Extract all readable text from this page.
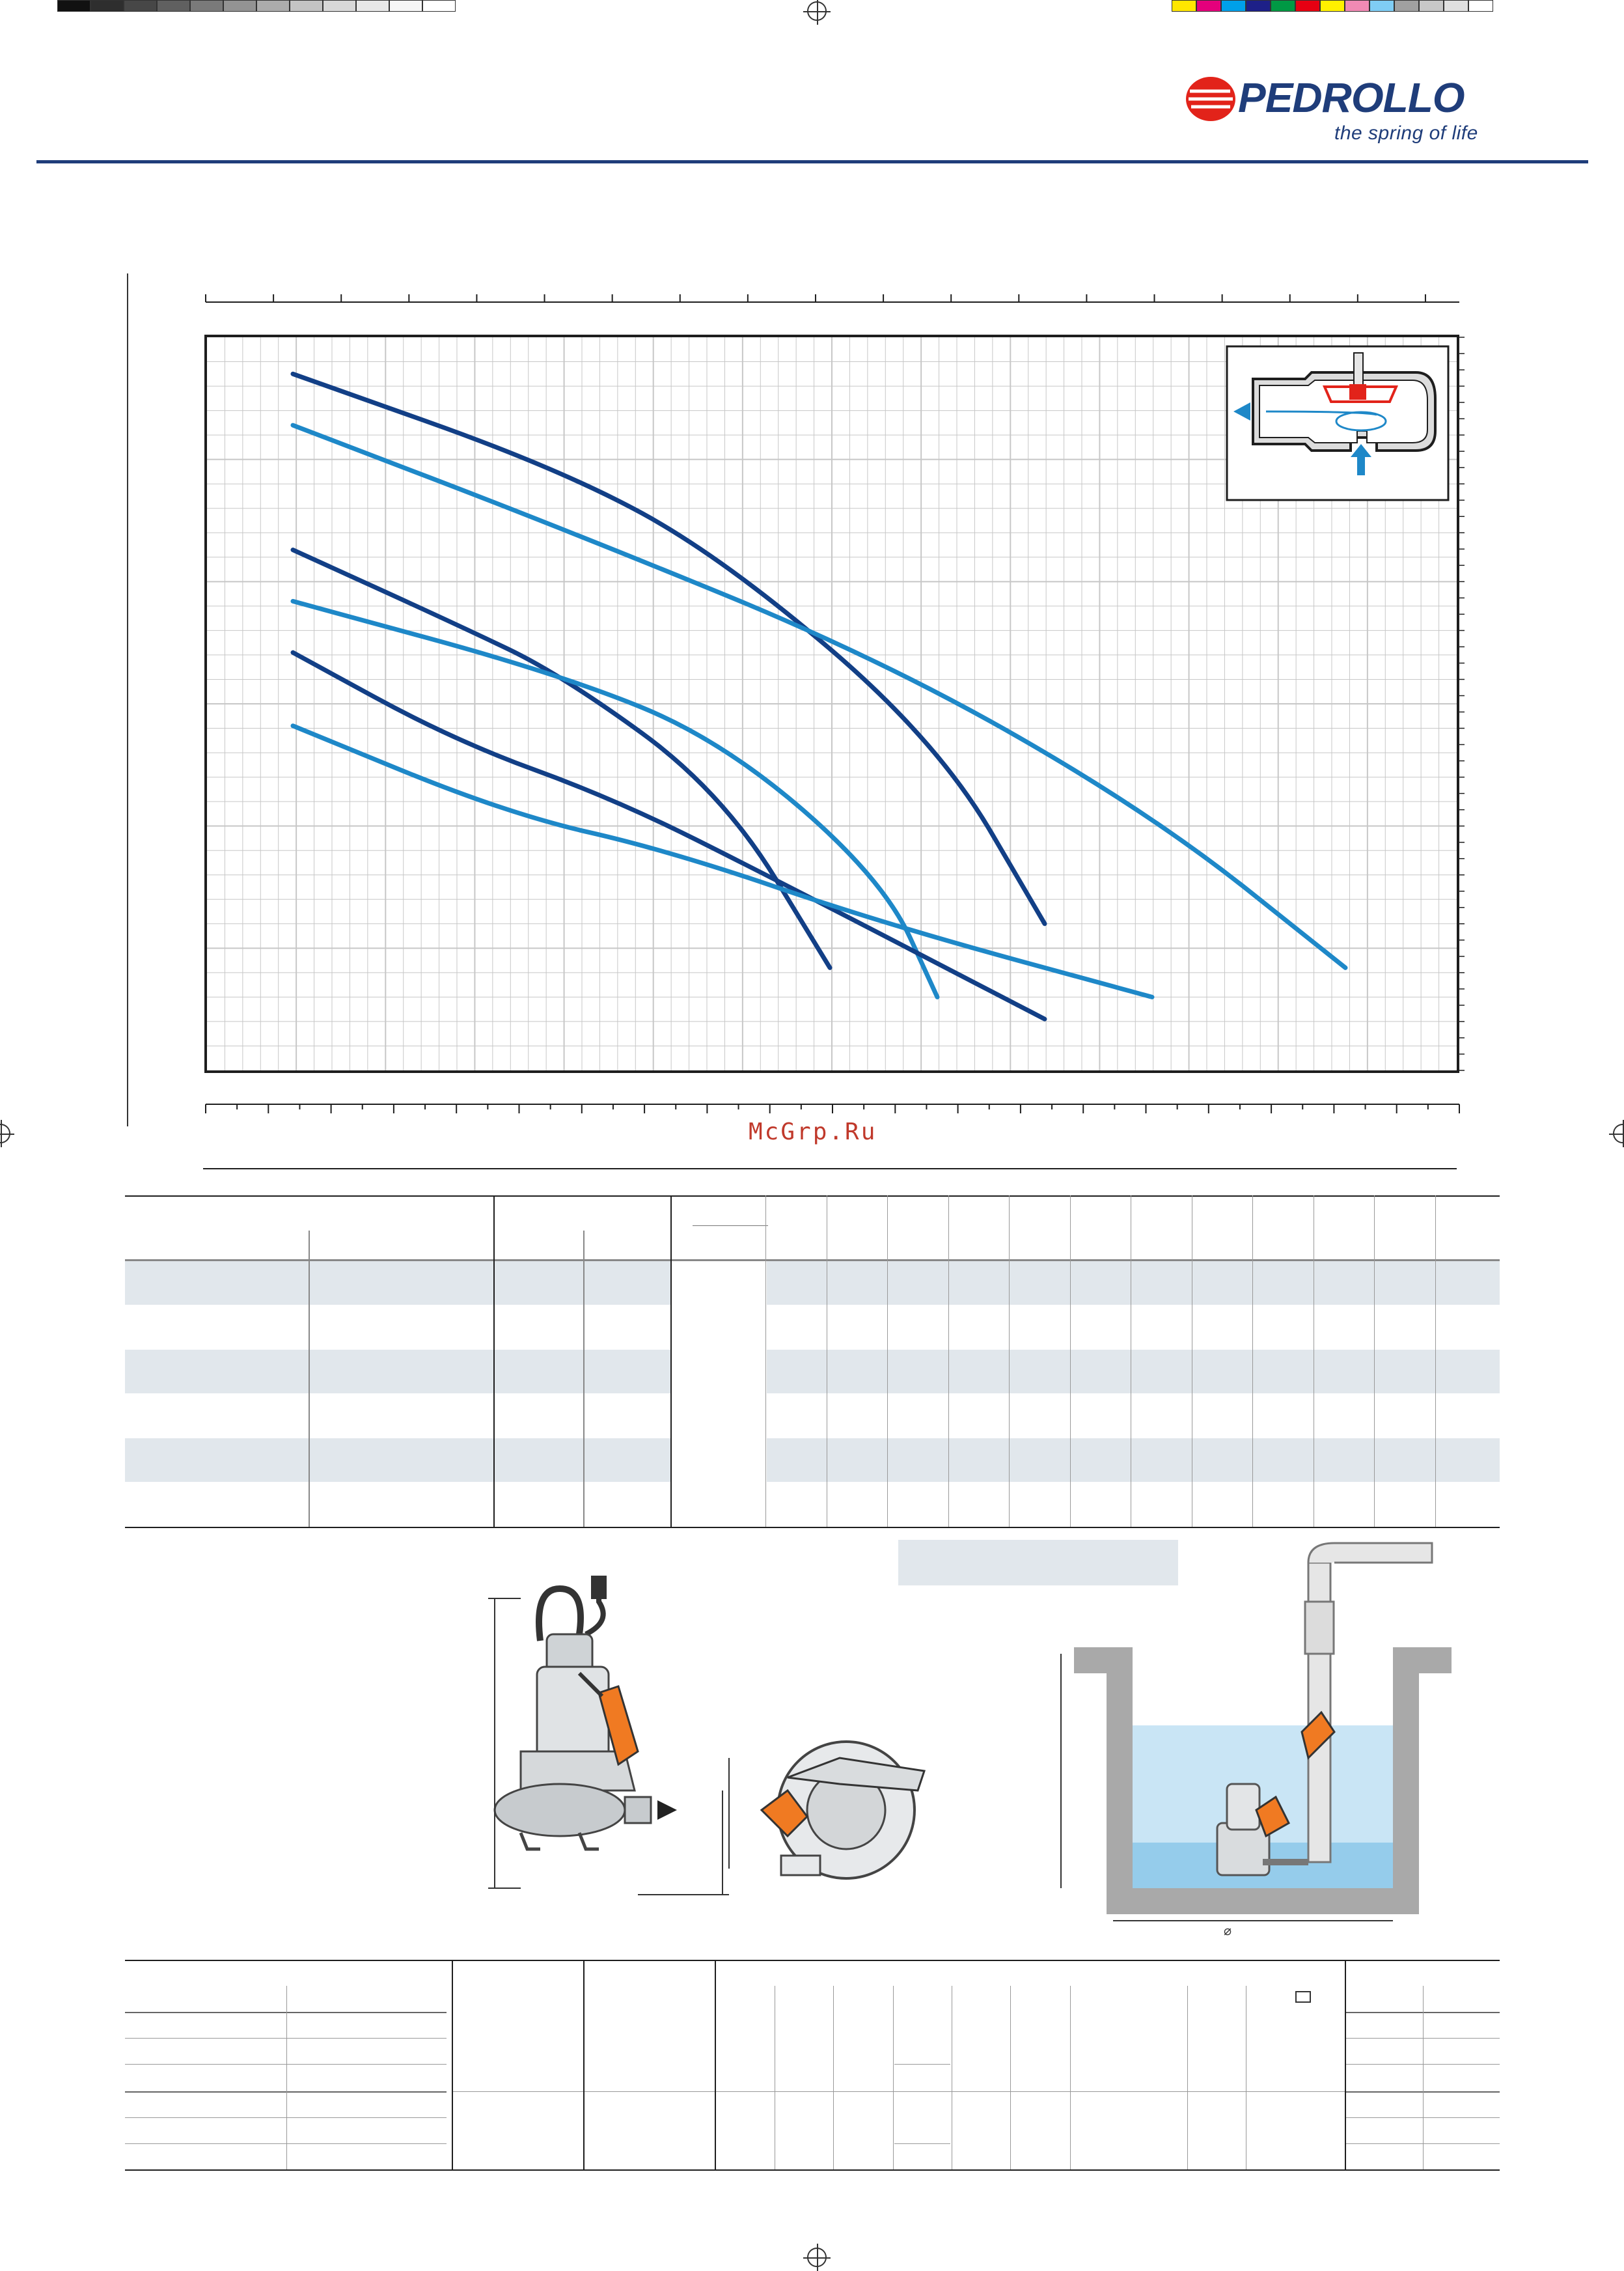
PEDROLLO
the spring of life
McGrp.Ru
⌀
